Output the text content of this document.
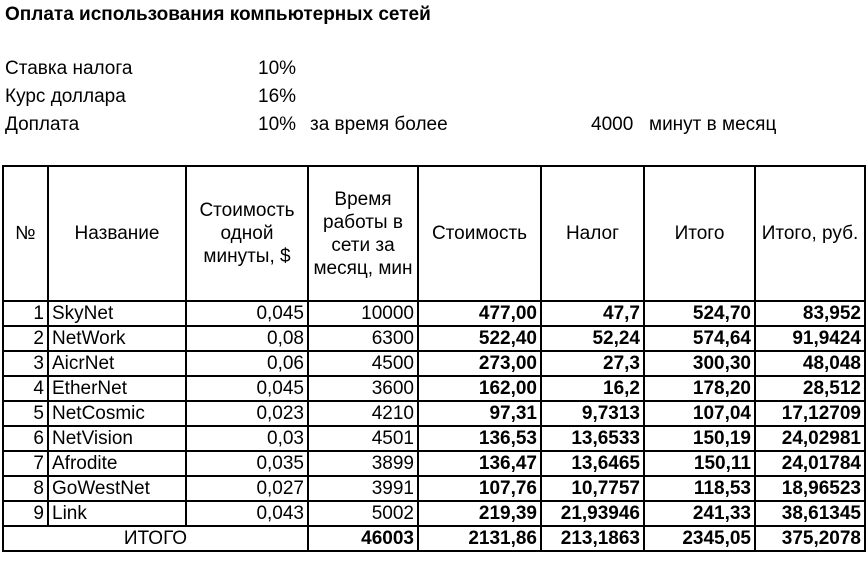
Оплата использования компьютерных сетей
Ставка налога	10%
Курс доллара	16%
Доплата	10% за время более	4000 минут в месяц
№	Название	Стоимость одной минуты, $	Время работы в сети за месяц, мин	Стоимость	Налог	Итого	Итого, руб.
1	SkyNet	0,045	10000	477,00	47,7	524,70	83,952
2	NetWork	0,08	6300	522,40	52,24	574,64	91,9424
3	AicrNet	0,06	4500	273,00	27,3	300,30	48,048
4	EtherNet	0,045	3600	162,00	16,2	178,20	28,512
5	NetCosmic	0,023	4210	97,31	9,7313	107,04	17,12709
6	NetVision	0,03	4501	136,53	13,6533	150,19	24,02981
7	Afrodite	0,035	3899	136,47	13,6465	150,11	24,01784
8	GoWestNet	0,027	3991	107,76	10,7757	118,53	18,96523
9	Link	0,043	5002	219,39	21,93946	241,33	38,61345
ИТОГО			46003	2131,86	213,1863	2345,05	375,2078
